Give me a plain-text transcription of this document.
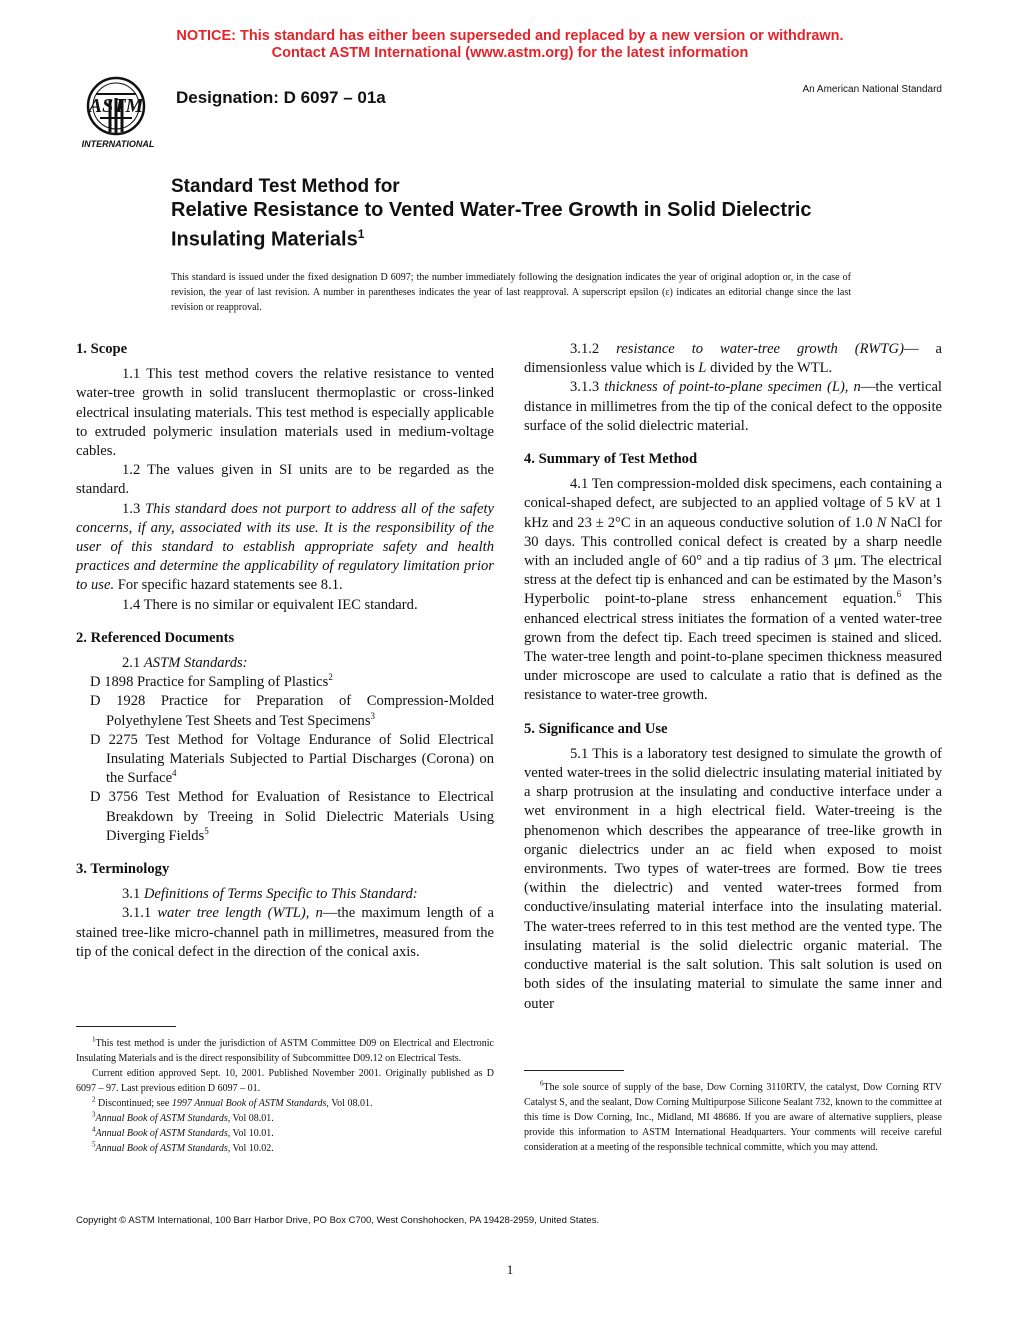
NOTICE: This standard has either been superseded and replaced by a new version or withdrawn.
Contact ASTM International (www.astm.org) for the latest information
ASTM
INTERNATIONAL
Designation: D 6097 – 01a	An American National Standard
Standard Test Method for
Relative Resistance to Vented Water-Tree Growth in Solid Dielectric Insulating Materials$^1$
This standard is issued under the fixed designation D 6097; the number immediately following the designation indicates the year of original adoption or, in the case of revision, the year of last revision. A number in parentheses indicates the year of last reapproval. A superscript epsilon (ε) indicates an editorial change since the last revision or reapproval.
1. Scope

1.1 This test method covers the relative resistance to vented water-tree growth in solid translucent thermoplastic or cross-linked electrical insulating materials. This test method is especially applicable to extruded polymeric insulation materials used in medium-voltage cables.

1.2 The values given in SI units are to be regarded as the standard.

1.3 This standard does not purport to address all of the safety concerns, if any, associated with its use. It is the responsibility of the user of this standard to establish appropriate safety and health practices and determine the applicability of regulatory limitation prior to use. For specific hazard statements see 8.1.

1.4 There is no similar or equivalent IEC standard.

2. Referenced Documents

2.1 ASTM Standards:

D 1898 Practice for Sampling of Plastics$^2$

D 1928 Practice for Preparation of Compression-Molded Polyethylene Test Sheets and Test Specimens$^3$

D 2275 Test Method for Voltage Endurance of Solid Electrical Insulating Materials Subjected to Partial Discharges (Corona) on the Surface$^4$

D 3756 Test Method for Evaluation of Resistance to Electrical Breakdown by Treeing in Solid Dielectric Materials Using Diverging Fields$^5$

3. Terminology

3.1 Definitions of Terms Specific to This Standard:

3.1.1 water tree length (WTL), n—the maximum length of a stained tree-like micro-channel path in millimetres, measured from the tip of the conical defect in the direction of the conical axis.

$^1$This test method is under the jurisdiction of ASTM Committee D09 on Electrical and Electronic Insulating Materials and is the direct responsibility of Subcommittee D09.12 on Electrical Tests.

Current edition approved Sept. 10, 2001. Published November 2001. Originally published as D 6097 – 97. Last previous edition D 6097 – 01.

$^2$ Discontinued; see 1997 Annual Book of ASTM Standards, Vol 08.01.

$^3$Annual Book of ASTM Standards, Vol 08.01.

$^4$Annual Book of ASTM Standards, Vol 10.01.

$^5$Annual Book of ASTM Standards, Vol 10.02.

3.1.2 resistance to water-tree growth (RWTG)— a dimensionless value which is L divided by the WTL.

3.1.3 thickness of point-to-plane specimen (L), n—the vertical distance in millimetres from the tip of the conical defect to the opposite surface of the solid dielectric material.

4. Summary of Test Method

4.1 Ten compression-molded disk specimens, each containing a conical-shaped defect, are subjected to an applied voltage of 5 kV at 1 kHz and 23 ± 2°C in an aqueous conductive solution of 1.0 N NaCl for 30 days. This controlled conical defect is created by a sharp needle with an included angle of 60° and a tip radius of 3 μm. The electrical stress at the defect tip is enhanced and can be estimated by the Mason’s Hyperbolic point-to-plane stress enhancement equation.$^6$ This enhanced electrical stress initiates the formation of a vented water-tree grown from the defect tip. Each treed specimen is stained and sliced. The water-tree length and point-to-plane specimen thickness measured under microscope are used to calculate a ratio that is defined as the resistance to water-tree growth.

5. Significance and Use

5.1 This is a laboratory test designed to simulate the growth of vented water-trees in the solid dielectric insulating material initiated by a sharp protrusion at the insulating and conductive interface under a wet environment in a high electrical field. Water-treeing is the phenomenon which describes the appearance of tree-like growth in organic dielectrics under an ac field when exposed to moist environments. Two types of water-trees are formed. Bow tie trees (within the dielectric) and vented water-trees formed from conductive/insulating material interface into the insulating material. The water-trees referred to in this test method are the vented type. The insulating material is the solid dielectric organic material. The conductive material is the salt solution. This salt solution is used on both sides of the insulating material to simulate the same inner and outer

$^6$The sole source of supply of the base, Dow Corning 3110RTV, the catalyst, Dow Corning RTV Catalyst S, and the sealant, Dow Corning Multipurpose Silicone Sealant 732, known to the committee at this time is Dow Corning, Inc., Midland, MI 48686. If you are aware of alternative suppliers, please provide this information to ASTM International Headquarters. Your comments will receive careful consideration at a meeting of the responsible technical committe, which you may attend.

Copyright © ASTM International, 100 Barr Harbor Drive, PO Box C700, West Conshohocken, PA 19428-2959, United States.
1
